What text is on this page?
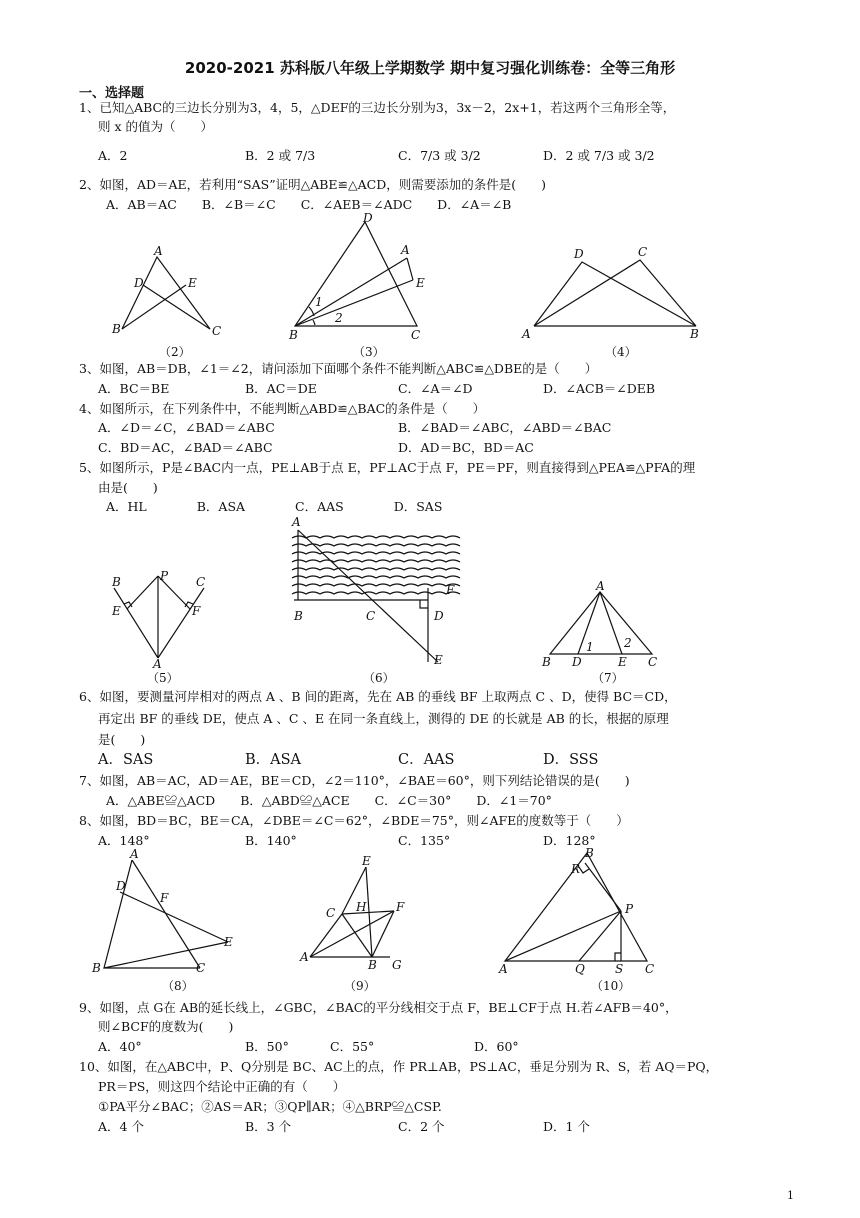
2020-2021 苏科版八年级上学期数学 期中复习强化训练卷：全等三角形
一、选择题
1、已知△ABC的三边长分别为3，4，5，△DEF的三边长分别为3，3x－2，2x+1，若这两个三角形全等，
则 x 的值为（　　）
A．2	B．2 或 7/3	C．7/3 或 3/2	D．2 或 7/3 或 3/2
2、如图，AD＝AE，若利用“SAS”证明△ABE≌△ACD，则需要添加的条件是(　　)
A．AB＝AC　　B．∠B＝∠C　　C．∠AEB＝∠ADC　　D．∠A＝∠B
A
D	E
B	C
（2）
D
A
E
1
2
B	C
（3）
D	C
A	B
（4）
3、如图，AB＝DB，∠1＝∠2，请问添加下面哪个条件不能判断△ABC≌△DBE的是（　　）
A．BC＝BE	B．AC＝DE	C．∠A＝∠D	D．∠ACB＝∠DEB
4、如图所示，在下列条件中，不能判断△ABD≌△BAC的条件是（　　）
A．∠D＝∠C，∠BAD＝∠ABC	B．∠BAD＝∠ABC，∠ABD＝∠BAC
C．BD＝AC，∠BAD＝∠ABC	D．AD＝BC，BD＝AC
5、如图所示，P是∠BAC内一点，PE⊥AB于点 E，PF⊥AC于点 F，PE＝PF，则直接得到△PEA≌△PFA的理
由是(　　)
A．HL　　　　B．ASA　　　　C．AAS　　　　D．SAS
B	P C
E	F
A
（5）
A
F
B	C	D
E
（6）
A
1	2
B D	E C
（7）
6、如图，要测量河岸相对的两点 A 、B 间的距离，先在 AB 的垂线 BF 上取两点 C 、D，使得 BC＝CD，
再定出 BF 的垂线 DE，使点 A 、C 、E 在同一条直线上，测得的 DE 的长就是 AB 的长，根据的原理
是(　　)
A．SAS	B．ASA	C．AAS	D．SSS
7、如图，AB＝AC，AD＝AE，BE＝CD，∠2＝110°，∠BAE＝60°，则下列结论错误的是(　　)
A．△ABE≌△ACD　　B．△ABD≌△ACE　　C．∠C＝30°　　D．∠1＝70°
8、如图，BD＝BC，BE＝CA，∠DBE＝∠C＝62°，∠BDE＝75°，则∠AFE的度数等于（　　）
A．148°	B．140°	C．135°	D．128°
A
D
F
E
B	C
（8）
E
C H F
A
B G
（9）
B
R
P
A	Q	S C
（10）
9、如图，点 G在 AB的延长线上，∠GBC，∠BAC的平分线相交于点 F，BE⊥CF于点 H.若∠AFB＝40°，
则∠BCF的度数为(　　)
A．40°	B．50°	C．55°	D．60°
10、如图，在△ABC中，P、Q分别是 BC、AC上的点，作 PR⊥AB，PS⊥AC，垂足分别为 R、S，若 AQ＝PQ，
PR＝PS，则这四个结论中正确的有（　　）
①PA平分∠BAC；②AS＝AR；③QP∥AR；④△BRP≌△CSP.
A．4 个	B．3 个	C．2 个	D．1 个
1
